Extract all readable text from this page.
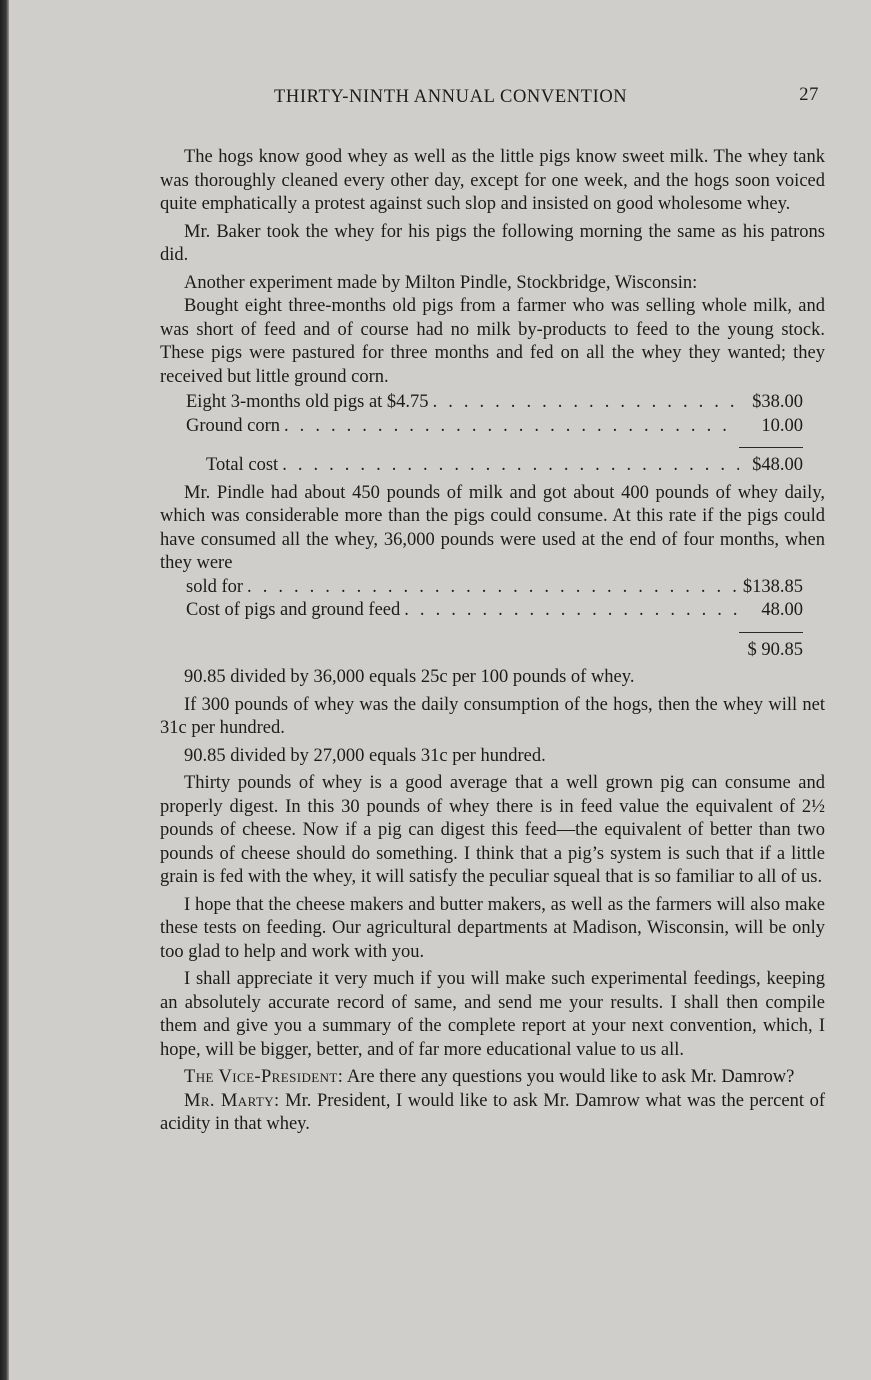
THIRTY-NINTH ANNUAL CONVENTION	27

The hogs know good whey as well as the little pigs know sweet milk. The whey tank was thoroughly cleaned every other day, except for one week, and the hogs soon voiced quite emphatically a protest against such slop and insisted on good wholesome whey.

Mr. Baker took the whey for his pigs the following morning the same as his patrons did.

Another experiment made by Milton Pindle, Stockbridge, Wisconsin:

Bought eight three-months old pigs from a farmer who was selling whole milk, and was short of feed and of course had no milk by-products to feed to the young stock. These pigs were pastured for three months and fed on all the whey they wanted; they received but little ground corn.

Eight 3-months old pigs at $4.75 . . .	$38.00
Ground corn . . .	10.00
Total cost . . .	$48.00

Mr. Pindle had about 450 pounds of milk and got about 400 pounds of whey daily, which was considerable more than the pigs could consume. At this rate if the pigs could have consumed all the whey, 36,000 pounds were used at the end of four months, when they were

sold for . . .	$138.85
Cost of pigs and ground feed . . .	48.00
$ 90.85

90.85 divided by 36,000 equals 25c per 100 pounds of whey.

If 300 pounds of whey was the daily consumption of the hogs, then the whey will net 31c per hundred.

90.85 divided by 27,000 equals 31c per hundred.

Thirty pounds of whey is a good average that a well grown pig can consume and properly digest. In this 30 pounds of whey there is in feed value the equivalent of 2½ pounds of cheese. Now if a pig can digest this feed—the equivalent of better than two pounds of cheese should do something. I think that a pig’s system is such that if a little grain is fed with the whey, it will satisfy the peculiar squeal that is so familiar to all of us.

I hope that the cheese makers and butter makers, as well as the farmers will also make these tests on feeding. Our agricultural departments at Madison, Wisconsin, will be only too glad to help and work with you.

I shall appreciate it very much if you will make such experimental feedings, keeping an absolutely accurate record of same, and send me your results. I shall then compile them and give you a summary of the complete report at your next convention, which, I hope, will be bigger, better, and of far more educational value to us all.

The Vice-President: Are there any questions you would like to ask Mr. Damrow?

Mr. Marty: Mr. President, I would like to ask Mr. Damrow what was the percent of acidity in that whey.
